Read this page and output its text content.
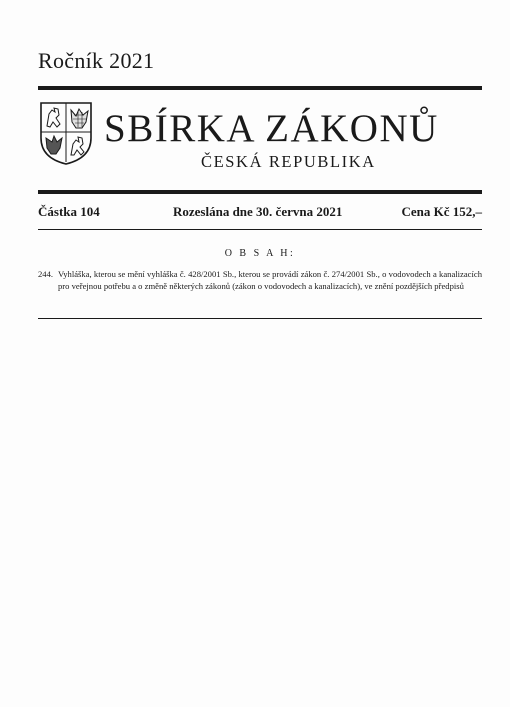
Ročník 2021
SBÍRKA ZÁKONŮ
ČESKÁ REPUBLIKA
Částka 104	Rozeslána dne 30. června 2021	Cena Kč 152,–
O B S A H:
244. Vyhláška, kterou se mění vyhláška č. 428/2001 Sb., kterou se provádí zákon č. 274/2001 Sb., o vodovodech a kanalizacích pro veřejnou potřebu a o změně některých zákonů (zákon o vodovodech a kanalizacích), ve znění pozdějších předpisů
